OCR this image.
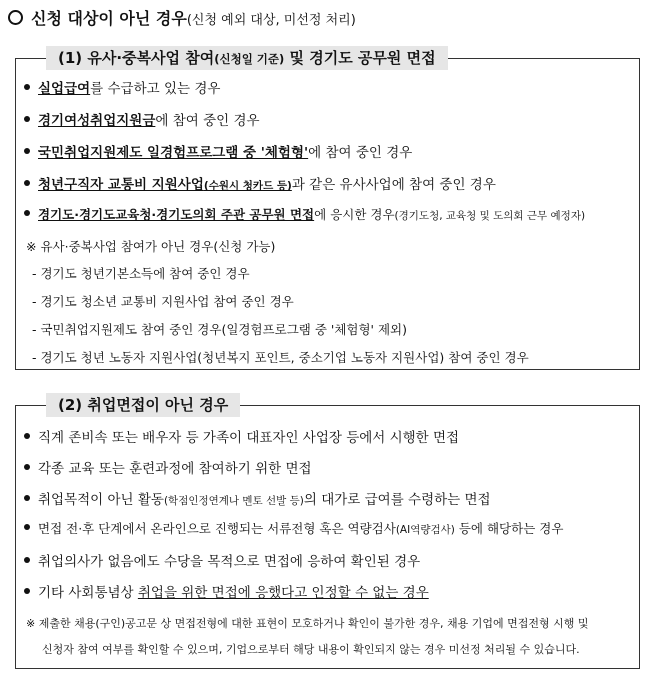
신청 대상이 아닌 경우(신청 예외 대상, 미선정 처리)
(1) 유사·중복사업 참여(신청일 기준) 및 경기도 공무원 면접
실업급여를 수급하고 있는 경우
경기여성취업지원금에 참여 중인 경우
국민취업지원제도 일경험프로그램 중 '체험형'에 참여 중인 경우
청년구직자 교통비 지원사업(수원시 청카드 등)과 같은 유사사업에 참여 중인 경우
경기도·경기도교육청·경기도의회 주관 공무원 면접에 응시한 경우(경기도청, 교육청 및 도의회 근무 예정자)
※ 유사·중복사업 참여가 아닌 경우(신청 가능)
- 경기도 청년기본소득에 참여 중인 경우
- 경기도 청소년 교통비 지원사업 참여 중인 경우
- 국민취업지원제도 참여 중인 경우(일경험프로그램 중 '체험형' 제외)
- 경기도 청년 노동자 지원사업(청년복지 포인트, 중소기업 노동자 지원사업) 참여 중인 경우
(2) 취업면접이 아닌 경우
직계 존비속 또는 배우자 등 가족이 대표자인 사업장 등에서 시행한 면접
각종 교육 또는 훈련과정에 참여하기 위한 면접
취업목적이 아닌 활동(학점인정연계나 멘토 선발 등)의 대가로 급여를 수령하는 면접
면접 전·후 단계에서 온라인으로 진행되는 서류전형 혹은 역량검사(AI역량검사) 등에 해당하는 경우
취업의사가 없음에도 수당을 목적으로 면접에 응하여 확인된 경우
기타 사회통념상 취업을 위한 면접에 응했다고 인정할 수 없는 경우
※ 제출한 채용(구인)공고문 상 면접전형에 대한 표현이 모호하거나 확인이 불가한 경우, 채용 기업에 면접전형 시행 및
신청자 참여 여부를 확인할 수 있으며, 기업으로부터 해당 내용이 확인되지 않는 경우 미선정 처리될 수 있습니다.
